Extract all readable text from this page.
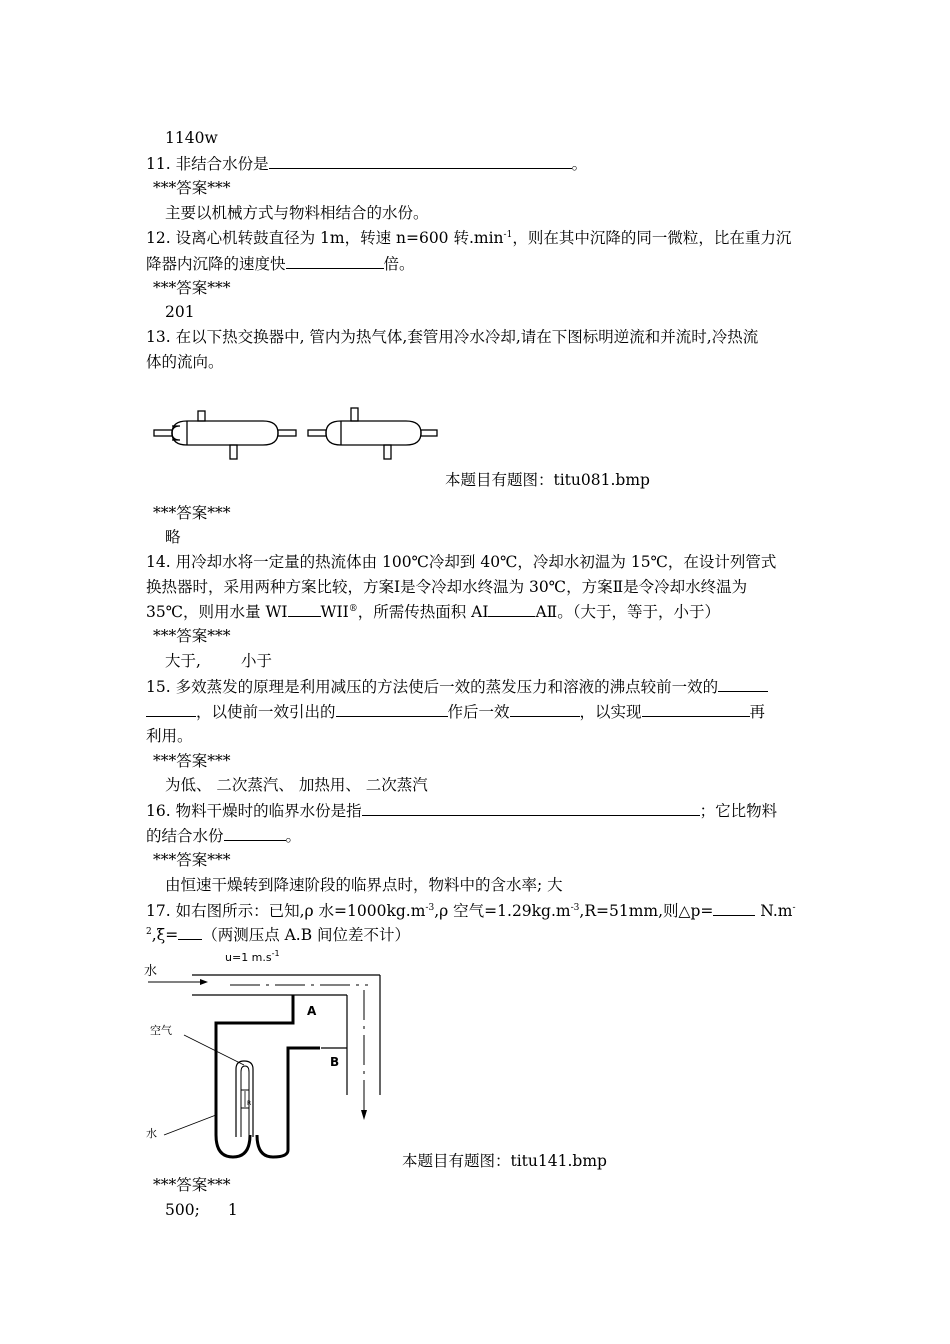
1140w
11. 非结合水份是	。
***答案***
主要以机械方式与物料相结合的水份。
12. 设离心机转鼓直径为 1m，转速 n=600 转$.\min^{-1}$，则在其中沉降的同一微粒，比在重力沉
降器内沉降的速度快	倍。
***答案***
201
13. 在以下热交换器中, 管内为热气体,套管用冷水冷却,请在下图标明逆流和并流时,冷热流
体的流向。
本题目有题图：titu081.bmp
***答案***
略
14. 用冷却水将一定量的热流体由 100℃冷却到 40℃，冷却水初温为 15℃，在设计列管式
换热器时，采用两种方案比较，方案Ⅰ是令冷却水终温为 30℃，方案Ⅱ是令冷却水终温为
35℃，则用水量 WI WII®，所需传热面积 AI	AⅡ。（大于，等于，小于）
***答案***
大于,	小于
15. 多效蒸发的原理是利用减压的方法使后一效的蒸发压力和溶液的沸点较前一效的
，以使前一效引出的	作后一效	，以实现	再
利用。
***答案***
为低、 二次蒸汽、 加热用、 二次蒸汽
16. 物料干燥时的临界水份是指	；它比物料
的结合水份	。
***答案***
由恒速干燥转到降速阶段的临界点时，物料中的含水率; 大
17. 如右图所示：已知,ρ 水$=1000kg.m^{-3},\rho$ 空气$=1.29kg.m^{-3},R=51mm$,则△p=	N.m-
$^2$,ξ= （两测压点 A.B 间位差不计）
u=1 $m.s^{-1}$
水
空气
水
A
B
R
本题目有题图：titu141.bmp
***答案***
500; 1
